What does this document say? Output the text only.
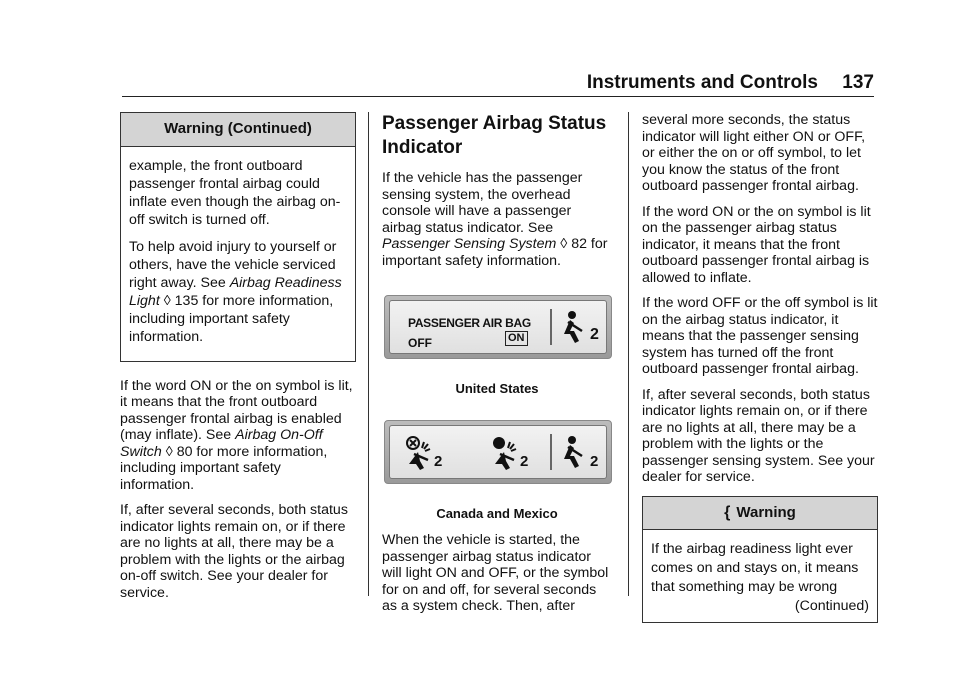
Instruments and Controls 137
Warning (Continued)

example, the front outboard passenger frontal airbag could inflate even though the airbag on-off switch is turned off.

To help avoid injury to yourself or others, have the vehicle serviced right away. See Airbag Readiness Light ◊ 135 for more information, including important safety information.

If the word ON or the on symbol is lit, it means that the front outboard passenger frontal airbag is enabled (may inflate). See Airbag On-Off Switch ◊ 80 for more information, including important safety information.

If, after several seconds, both status indicator lights remain on, or if there are no lights at all, there may be a problem with the lights or the airbag on-off switch. See your dealer for service.

Passenger Airbag Status Indicator

If the vehicle has the passenger sensing system, the overhead console will have a passenger airbag status indicator. See Passenger Sensing System ◊ 82 for important safety information.

PASSENGER AIR BAG
OFF	ON	2
United States
2	2	2
Canada and Mexico

When the vehicle is started, the passenger airbag status indicator will light ON and OFF, or the symbol for on and off, for several seconds as a system check. Then, after

several more seconds, the status indicator will light either ON or OFF, or either the on or off symbol, to let you know the status of the front outboard passenger frontal airbag.

If the word ON or the on symbol is lit on the passenger airbag status indicator, it means that the front outboard passenger frontal airbag is allowed to inflate.

If the word OFF or the off symbol is lit on the airbag status indicator, it means that the passenger sensing system has turned off the front outboard passenger frontal airbag.

If, after several seconds, both status indicator lights remain on, or if there are no lights at all, there may be a problem with the lights or the passenger sensing system. See your dealer for service.

{ Warning

If the airbag readiness light ever comes on and stays on, it means that something may be wrong

(Continued)
